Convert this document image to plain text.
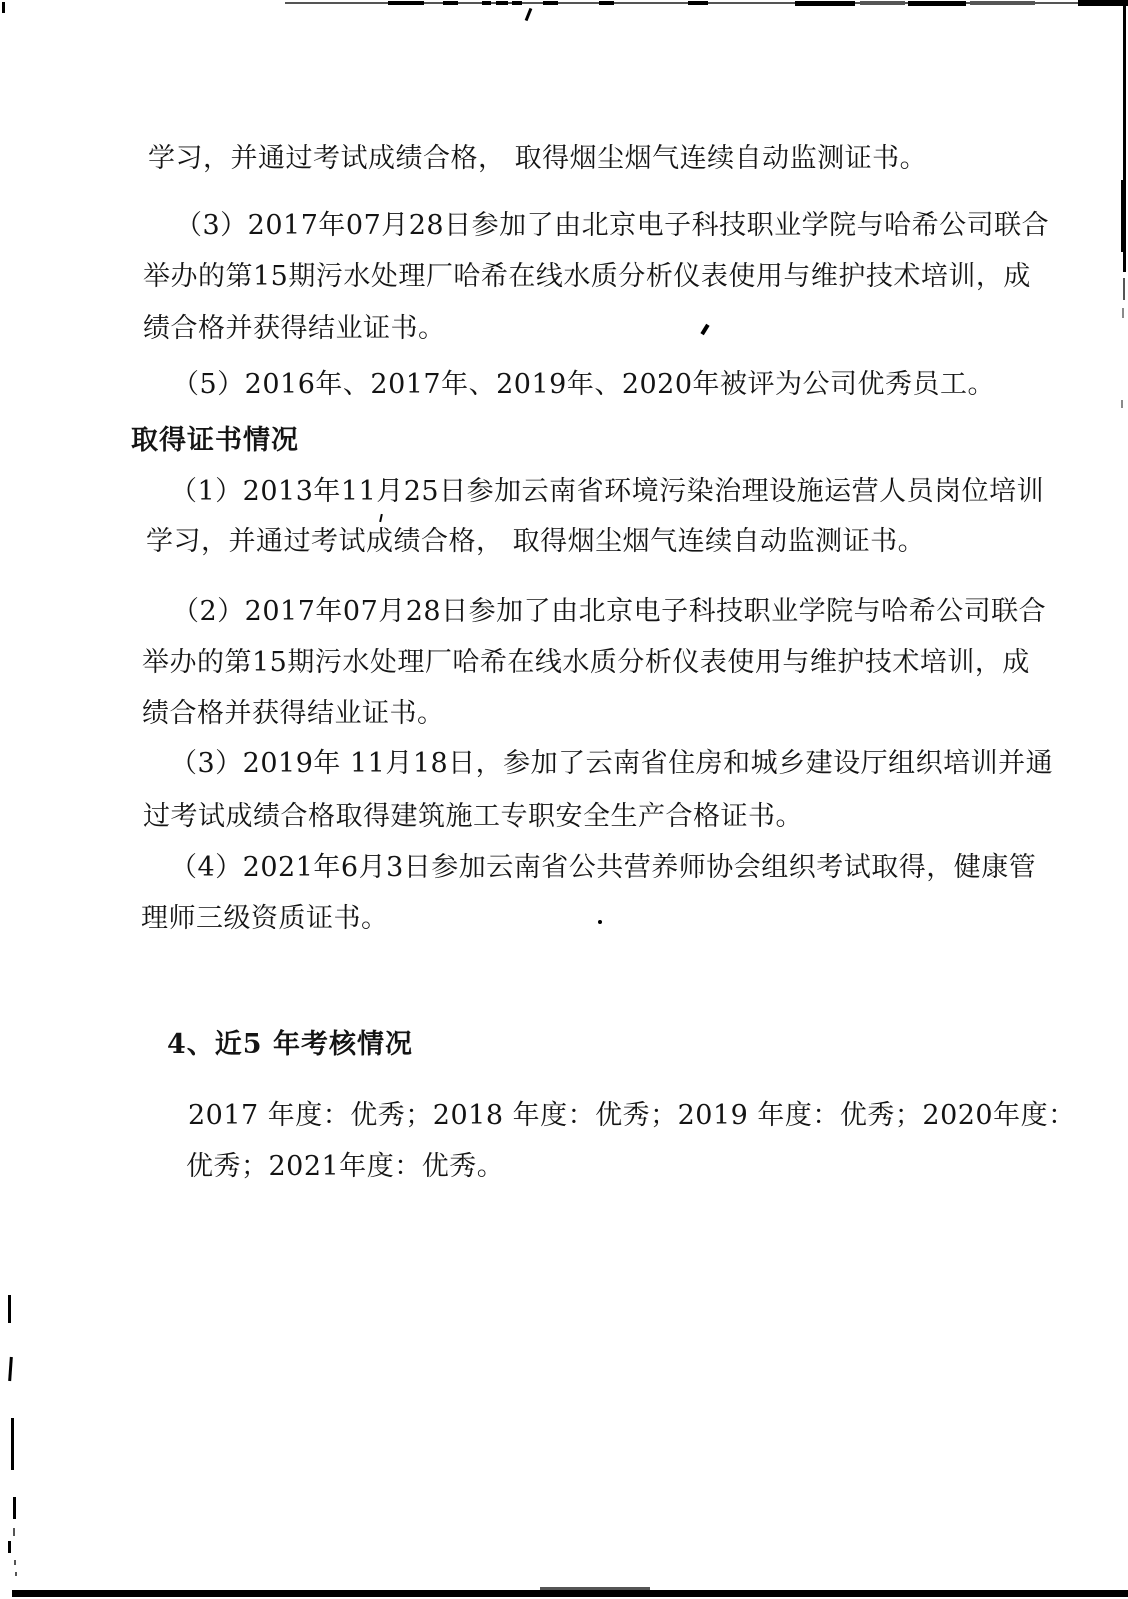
学习，并通过考试成绩合格， 取得烟尘烟气连续自动监测证书。
（3）2017年07月28日参加了由北京电子科技职业学院与哈希公司联合
举办的第15期污水处理厂哈希在线水质分析仪表使用与维护技术培训，成
绩合格并获得结业证书。
（5）2016年、2017年、2019年、2020年被评为公司优秀员工。
取得证书情况
（1）2013年11月25日参加云南省环境污染治理设施运营人员岗位培训
学习，并通过考试成绩合格， 取得烟尘烟气连续自动监测证书。
（2）2017年07月28日参加了由北京电子科技职业学院与哈希公司联合
举办的第15期污水处理厂哈希在线水质分析仪表使用与维护技术培训，成
绩合格并获得结业证书。
（3）2019年 11月18日，参加了云南省住房和城乡建设厅组织培训并通
过考试成绩合格取得建筑施工专职安全生产合格证书。
（4）2021年6月3日参加云南省公共营养师协会组织考试取得，健康管
理师三级资质证书。
4、近5 年考核情况
2017 年度：优秀；2018 年度：优秀；2019 年度：优秀；2020年度：
优秀；2021年度：优秀。
